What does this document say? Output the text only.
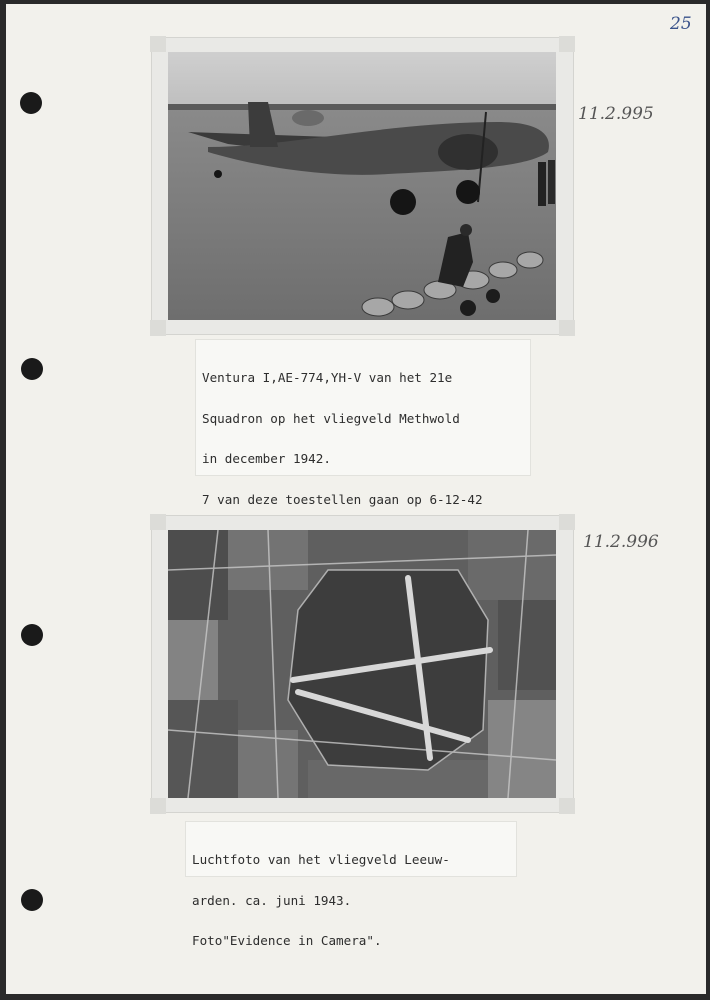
25
11.2.995

Ventura I,AE-774,YH-V van het 21e

Squadron op het vliegveld Methwold

in december 1942.

7 van deze toestellen gaan op 6-12-42

11.2.996

Luchtfoto van het vliegveld Leeuw-

arden. ca. juni 1943.

Foto"Evidence in Camera".
